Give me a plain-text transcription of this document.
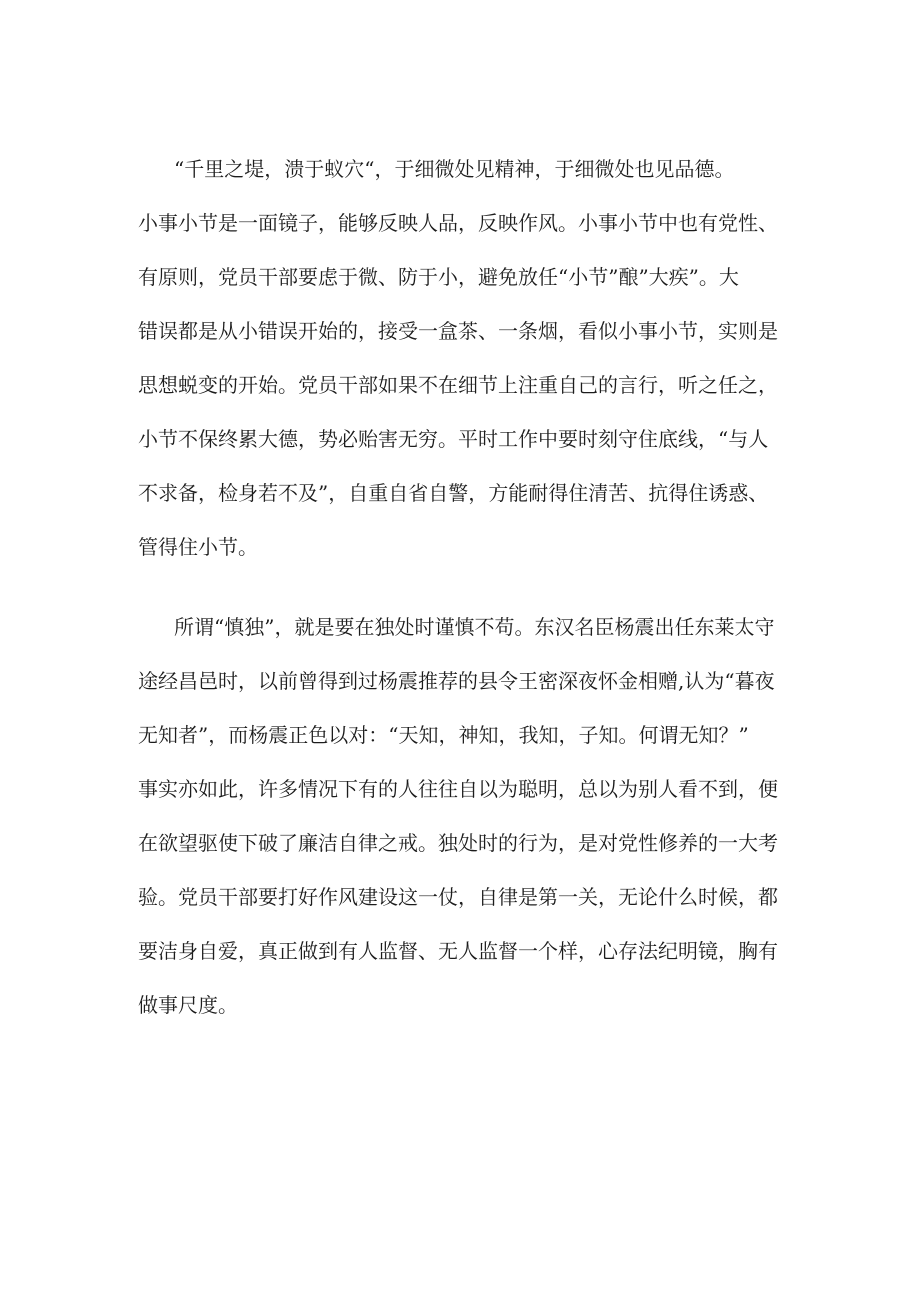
“千里之堤，溃于蚁穴“，于细微处见精神，于细微处也见品德。
小事小节是一面镜子，能够反映人品，反映作风。小事小节中也有党性、
有原则，党员干部要虑于微、防于小，避免放任“小节”酿”大疾”。大
错误都是从小错误开始的，接受一盒茶、一条烟，看似小事小节，实则是
思想蜕变的开始。党员干部如果不在细节上注重自己的言行，听之任之，
小节不保终累大德，势必贻害无穷。平时工作中要时刻守住底线，“与人
不求备，检身若不及”，自重自省自警，方能耐得住清苦、抗得住诱惑、
管得住小节。
所谓“慎独”，就是要在独处时谨慎不苟。东汉名臣杨震出任东莱太守
途经昌邑时，以前曾得到过杨震推荐的县令王密深夜怀金相赠,认为“暮夜
无知者”，而杨震正色以对：“天知，神知，我知，子知。何谓无知？”
事实亦如此，许多情况下有的人往往自以为聪明，总以为别人看不到，便
在欲望驱使下破了廉洁自律之戒。独处时的行为，是对党性修养的一大考
验。党员干部要打好作风建设这一仗，自律是第一关，无论什么时候，都
要洁身自爱，真正做到有人监督、无人监督一个样，心存法纪明镜，胸有
做事尺度。
